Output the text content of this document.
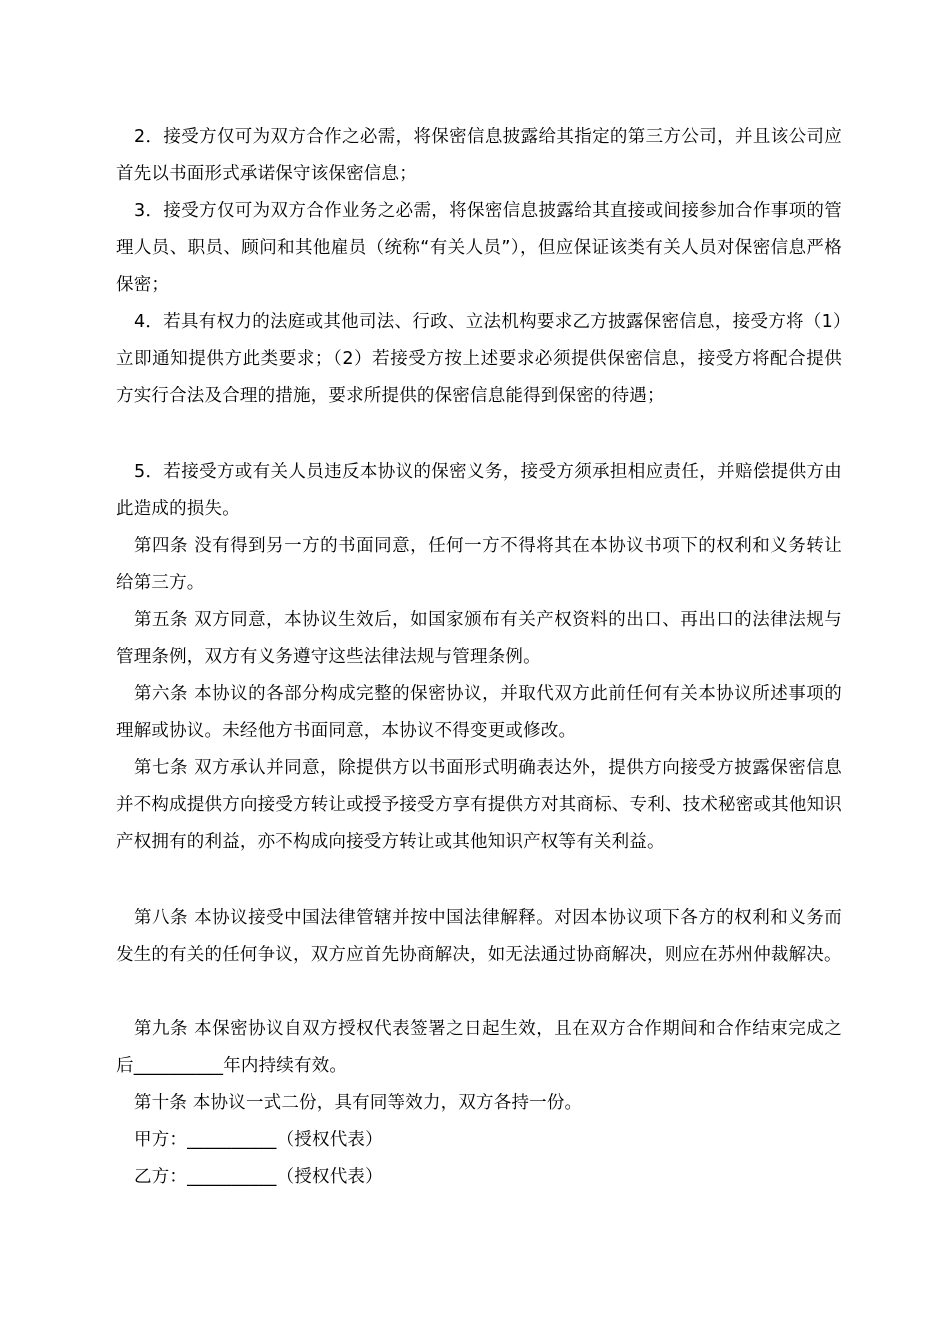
2．接受方仅可为双方合作之必需，将保密信息披露给其指定的第三方公司，并且该公司应首先以书面形式承诺保守该保密信息；

3．接受方仅可为双方合作业务之必需，将保密信息披露给其直接或间接参加合作事项的管理人员、职员、顾问和其他雇员（统称“有关人员”），但应保证该类有关人员对保密信息严格保密；

4．若具有权力的法庭或其他司法、行政、立法机构要求乙方披露保密信息，接受方将（1）立即通知提供方此类要求；（2）若接受方按上述要求必须提供保密信息，接受方将配合提供方实行合法及合理的措施，要求所提供的保密信息能得到保密的待遇；

5．若接受方或有关人员违反本协议的保密义务，接受方须承担相应责任，并赔偿提供方由此造成的损失。

第四条 没有得到另一方的书面同意，任何一方不得将其在本协议书项下的权利和义务转让给第三方。

第五条 双方同意，本协议生效后，如国家颁布有关产权资料的出口、再出口的法律法规与管理条例，双方有义务遵守这些法律法规与管理条例。

第六条 本协议的各部分构成完整的保密协议，并取代双方此前任何有关本协议所述事项的理解或协议。未经他方书面同意，本协议不得变更或修改。

第七条 双方承认并同意，除提供方以书面形式明确表达外，提供方向接受方披露保密信息并不构成提供方向接受方转让或授予接受方享有提供方对其商标、专利、技术秘密或其他知识产权拥有的利益，亦不构成向接受方转让或其他知识产权等有关利益。

第八条 本协议接受中国法律管辖并按中国法律解释。对因本协议项下各方的权利和义务而发生的有关的任何争议，双方应首先协商解决，如无法通过协商解决，则应在苏州仲裁解决。

第九条 本保密协议自双方授权代表签署之日起生效，且在双方合作期间和合作结束完成之后__________年内持续有效。

第十条 本协议一式二份，具有同等效力，双方各持一份。

甲方：__________（授权代表）

乙方：__________（授权代表）
